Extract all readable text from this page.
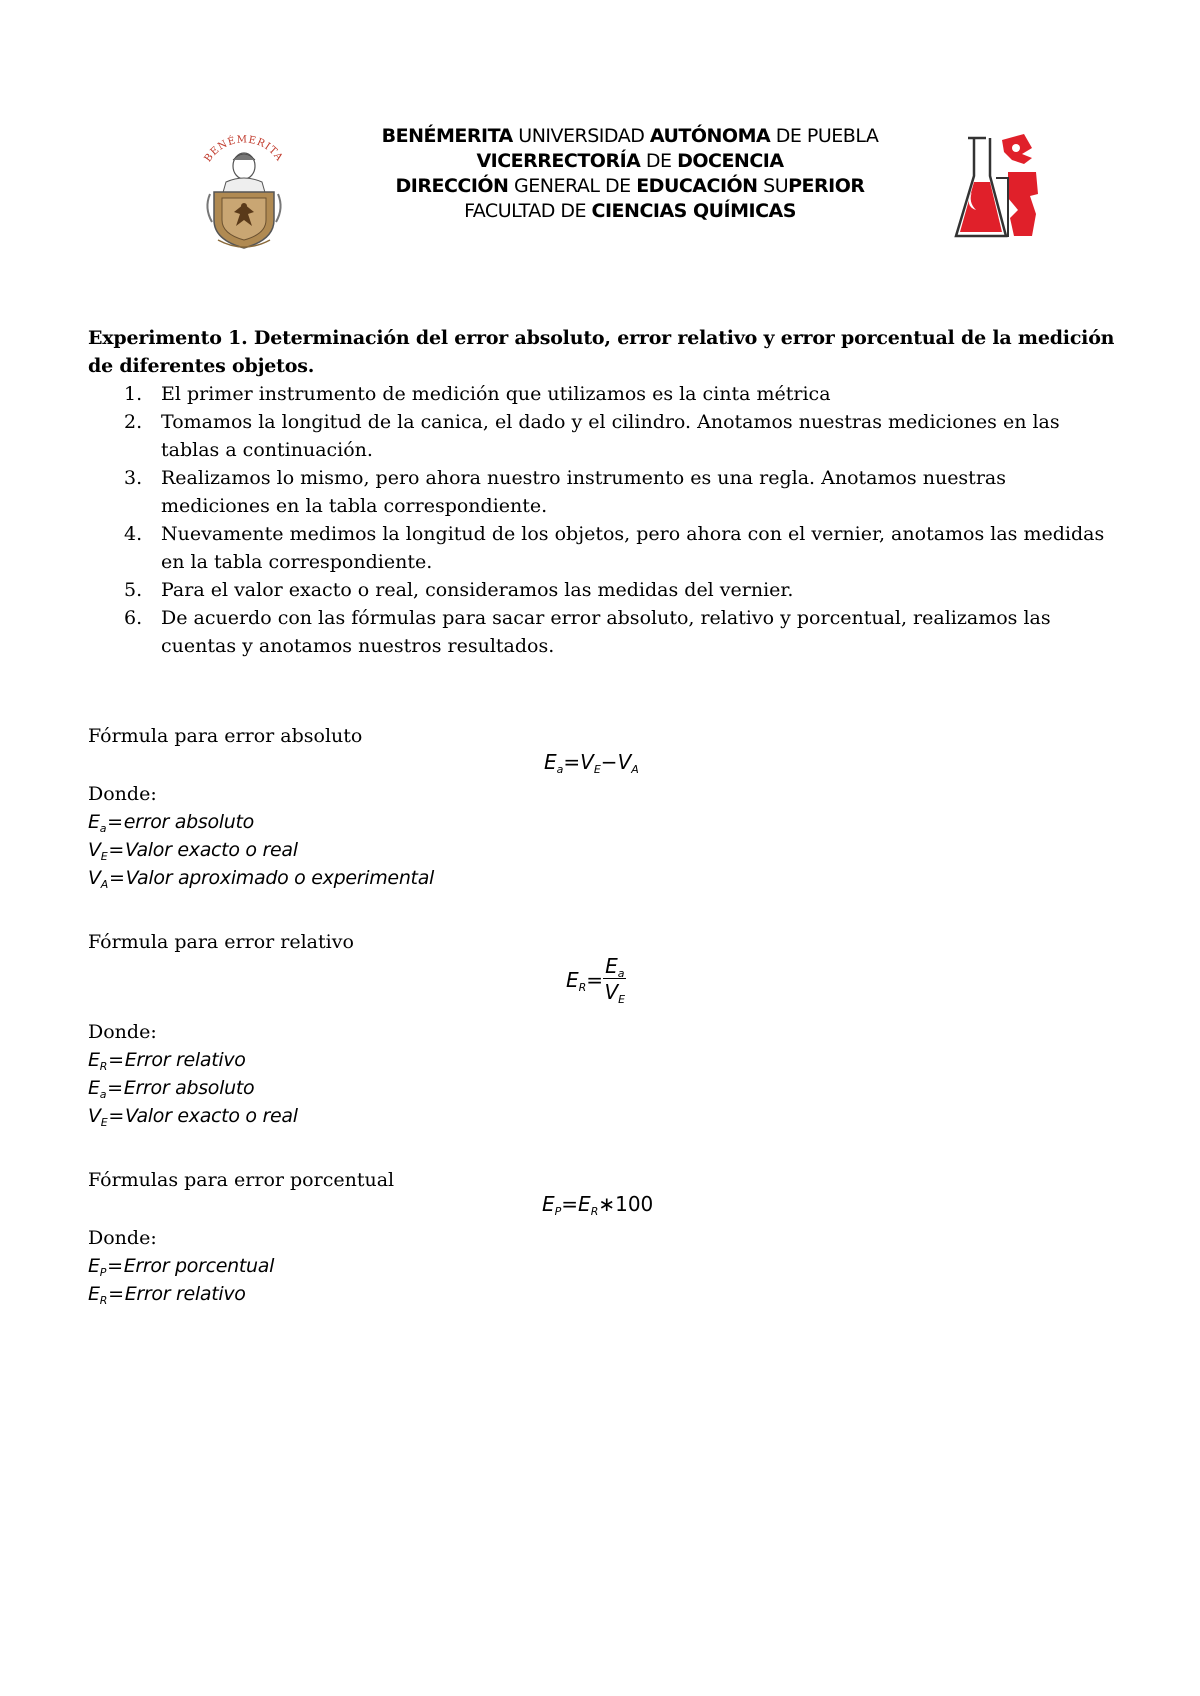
BENÉMERITA
BENÉMERITA UNIVERSIDAD AUTÓNOMA DE PUEBLA
VICERRECTORÍA DE DOCENCIA
DIRECCIÓN GENERAL DE EDUCACIÓN SUPERIOR
FACULTAD DE CIENCIAS QUÍMICAS

Experimento 1. Determinación del error absoluto, error relativo y error porcentual de la medición de diferentes objetos.

1. El primer instrumento de medición que utilizamos es la cinta métrica
2. Tomamos la longitud de la canica, el dado y el cilindro. Anotamos nuestras mediciones en las tablas a continuación.
3. Realizamos lo mismo, pero ahora nuestro instrumento es una regla. Anotamos nuestras mediciones en la tabla correspondiente.
4. Nuevamente medimos la longitud de los objetos, pero ahora con el vernier, anotamos las medidas en la tabla correspondiente.
5. Para el valor exacto o real, consideramos las medidas del vernier.
6. De acuerdo con las fórmulas para sacar error absoluto, relativo y porcentual, realizamos las cuentas y anotamos nuestros resultados.
Fórmula para error absoluto
$E_a=V_E-V_A$
Donde:
$E_a=error$ absoluto
$V_E=Valor$ exacto o real
$V_A=Valor$ aproximado o experimental
Fórmula para error relativo
$E_R= \frac{E_a}{V_E}$
Donde:
$E_R=Error$ relativo
$E_a=Error$ absoluto
$V_E=Valor$ exacto o real
Fórmulas para error porcentual
$E_P=E_R∗100$
Donde:
$E_P=Error$ porcentual
$E_R=Error$ relativo
